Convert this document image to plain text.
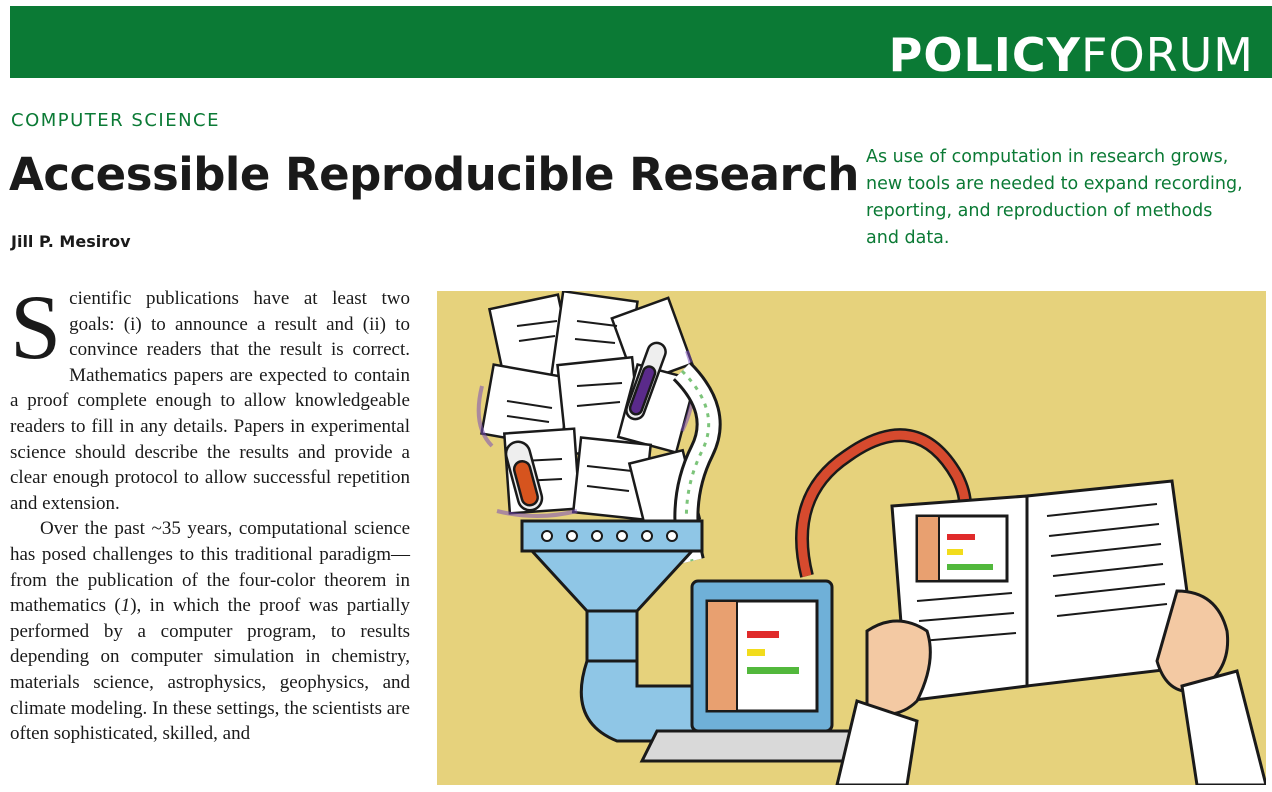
POLICYFORUM
COMPUTER SCIENCE
Accessible Reproducible Research
Jill P. Mesirov
As use of computation in research grows, new tools are needed to expand recording, reporting, and reproduction of methods and data.

Scientific publications have at least two goals: (i) to announce a result and (ii) to convince readers that the result is correct. Mathematics papers are expected to contain a proof complete enough to allow knowledgeable readers to fill in any details. Papers in experimental science should describe the results and provide a clear enough protocol to allow successful repetition and extension.

Over the past ~35 years, computational science has posed challenges to this traditional paradigm—from the publication of the four-color theorem in mathematics (1), in which the proof was partially performed by a computer program, to results depending on computer simulation in chemistry, materials science, astrophysics, geophysics, and climate modeling. In these settings, the scientists are often sophisticated, skilled, and
